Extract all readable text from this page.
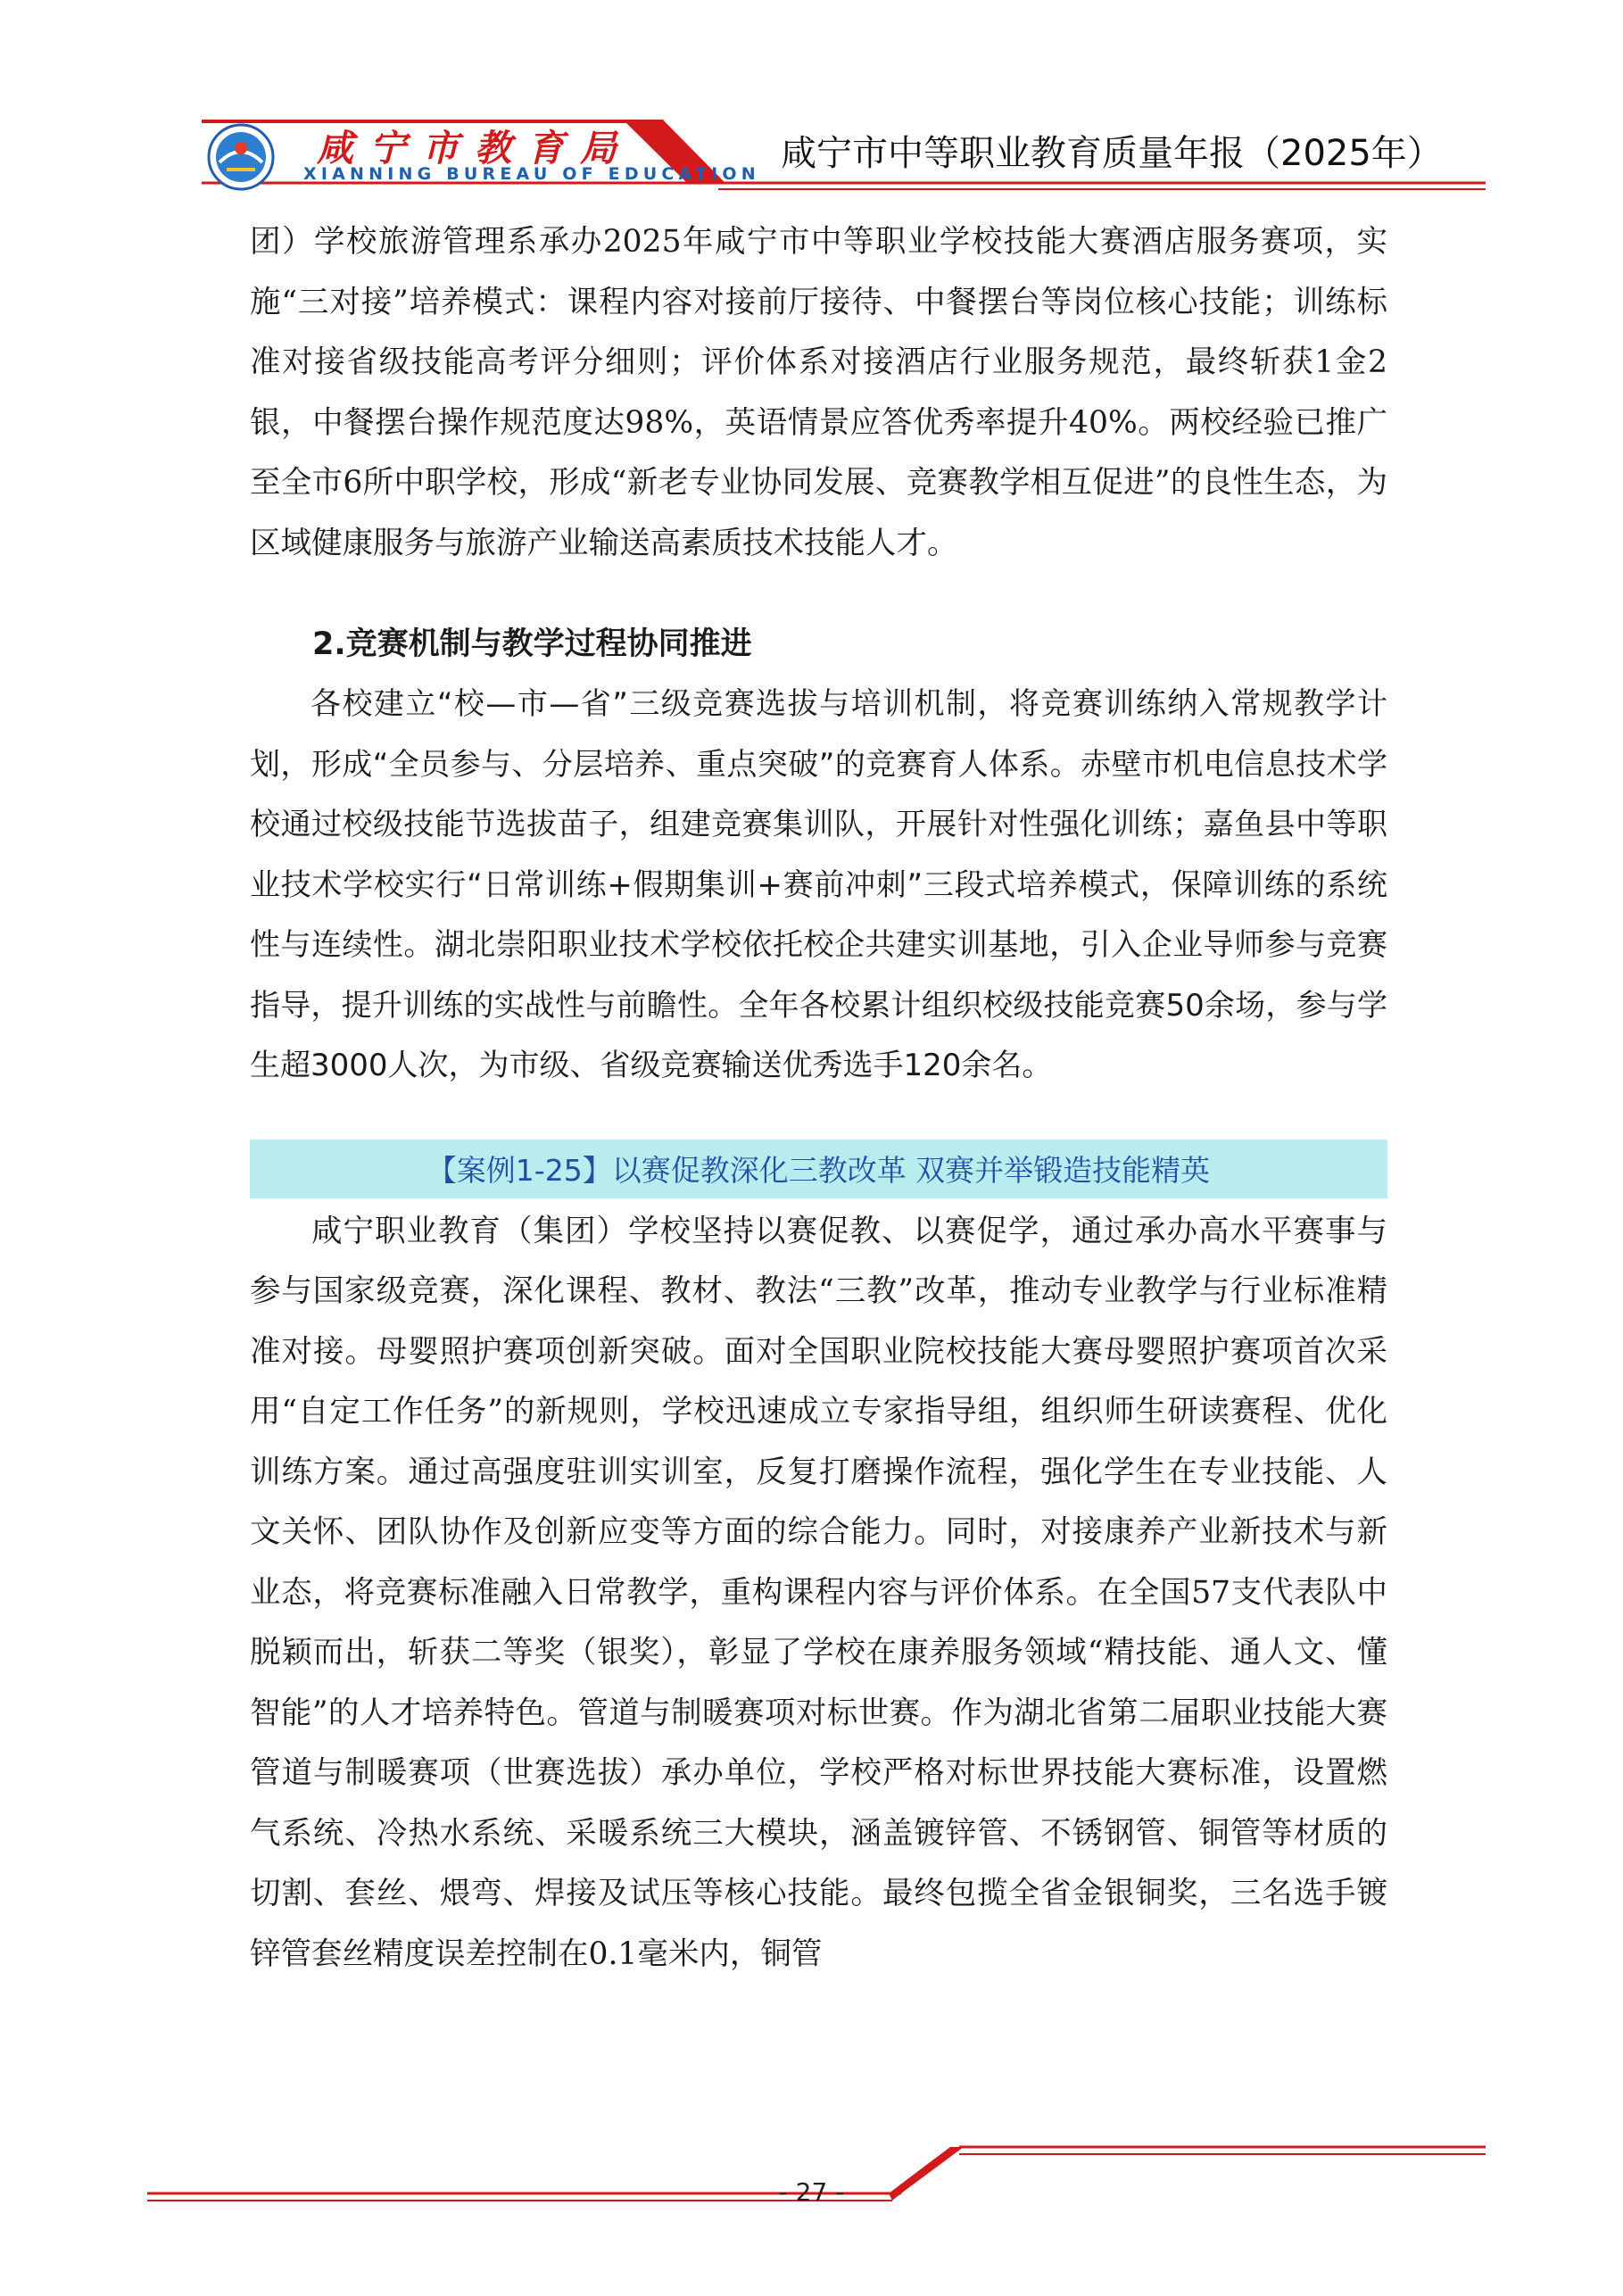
咸宁市教育局
XIANNING BUREAU OF EDUCATION 咸宁市中等职业教育质量年报（2025年）

团）学校旅游管理系承办2025年咸宁市中等职业学校技能大赛酒店服务赛项，实施“三对接”培养模式：课程内容对接前厅接待、中餐摆台等岗位核心技能；训练标准对接省级技能高考评分细则；评价体系对接酒店行业服务规范，最终斩获1金2银，中餐摆台操作规范度达98%，英语情景应答优秀率提升40%。两校经验已推广至全市6所中职学校，形成“新老专业协同发展、竞赛教学相互促进”的良性生态，为区域健康服务与旅游产业输送高素质技术技能人才。

2.竞赛机制与教学过程协同推进

各校建立“校—市—省”三级竞赛选拔与培训机制，将竞赛训练纳入常规教学计划，形成“全员参与、分层培养、重点突破”的竞赛育人体系。赤壁市机电信息技术学校通过校级技能节选拔苗子，组建竞赛集训队，开展针对性强化训练；嘉鱼县中等职业技术学校实行“日常训练+假期集训+赛前冲刺”三段式培养模式，保障训练的系统性与连续性。湖北崇阳职业技术学校依托校企共建实训基地，引入企业导师参与竞赛指导，提升训练的实战性与前瞻性。全年各校累计组织校级技能竞赛50余场，参与学生超3000人次，为市级、省级竞赛输送优秀选手120余名。

【案例1-25】以赛促教深化三教改革 双赛并举锻造技能精英

咸宁职业教育（集团）学校坚持以赛促教、以赛促学，通过承办高水平赛事与参与国家级竞赛，深化课程、教材、教法“三教”改革，推动专业教学与行业标准精准对接。母婴照护赛项创新突破。面对全国职业院校技能大赛母婴照护赛项首次采用“自定工作任务”的新规则，学校迅速成立专家指导组，组织师生研读赛程、优化训练方案。通过高强度驻训实训室，反复打磨操作流程，强化学生在专业技能、人文关怀、团队协作及创新应变等方面的综合能力。同时，对接康养产业新技术与新业态，将竞赛标准融入日常教学，重构课程内容与评价体系。在全国57支代表队中脱颖而出，斩获二等奖（银奖），彰显了学校在康养服务领域“精技能、通人文、懂智能”的人才培养特色。管道与制暖赛项对标世赛。作为湖北省第二届职业技能大赛管道与制暖赛项（世赛选拔）承办单位，学校严格对标世界技能大赛标准，设置燃气系统、冷热水系统、采暖系统三大模块，涵盖镀锌管、不锈钢管、铜管等材质的切割、套丝、煨弯、焊接及试压等核心技能。最终包揽全省金银铜奖，三名选手镀锌管套丝精度误差控制在0.1毫米内，铜管

- 27 -
